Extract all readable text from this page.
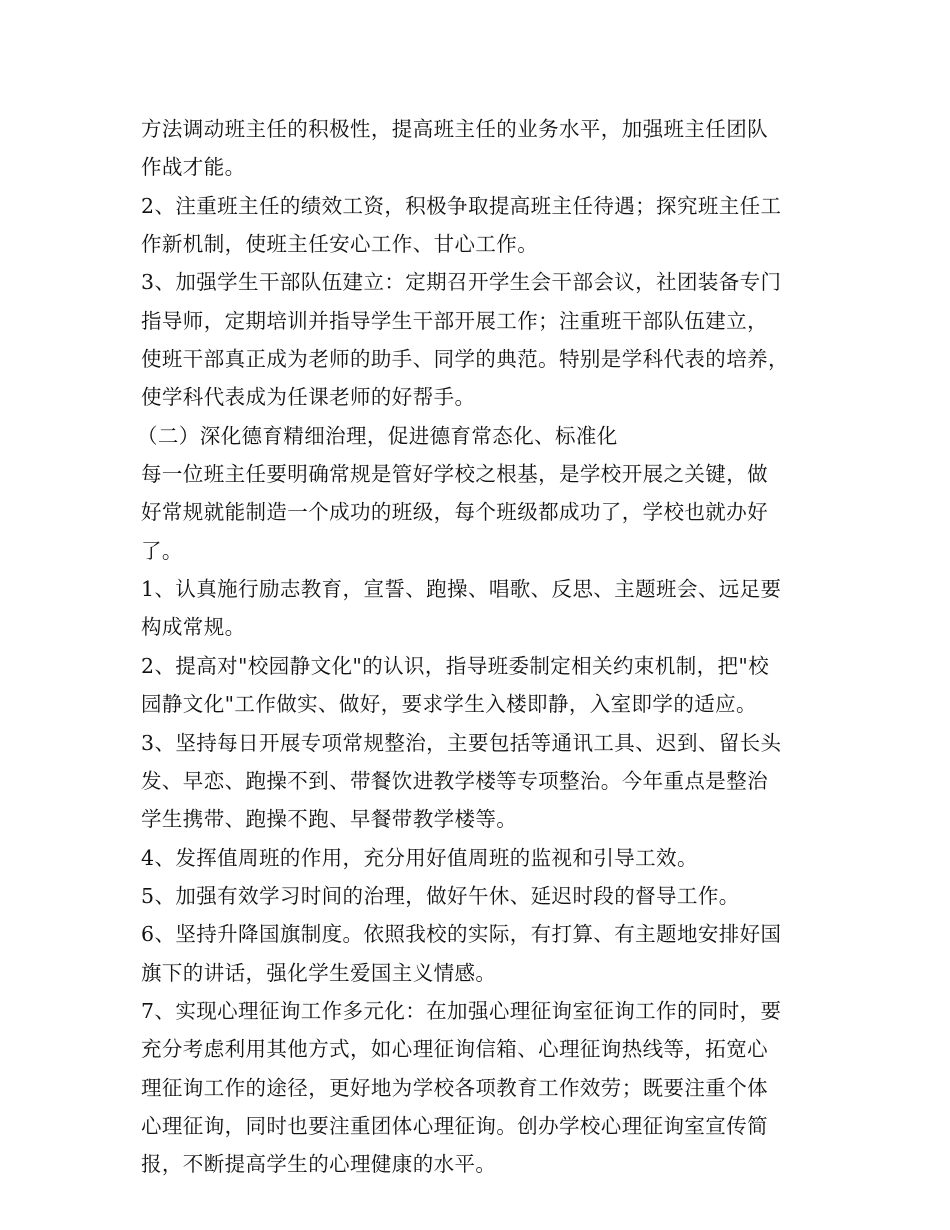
方法调动班主任的积极性，提高班主任的业务水平，加强班主任团队
作战才能。

2、注重班主任的绩效工资，积极争取提高班主任待遇；探究班主任工
作新机制，使班主任安心工作、甘心工作。

3、加强学生干部队伍建立：定期召开学生会干部会议，社团装备专门
指导师，定期培训并指导学生干部开展工作；注重班干部队伍建立，
使班干部真正成为老师的助手、同学的典范。特别是学科代表的培养，
使学科代表成为任课老师的好帮手。

（二）深化德育精细治理，促进德育常态化、标准化

每一位班主任要明确常规是管好学校之根基，是学校开展之关键，做
好常规就能制造一个成功的班级，每个班级都成功了，学校也就办好
了。

1、认真施行励志教育，宣誓、跑操、唱歌、反思、主题班会、远足要
构成常规。

2、提高对"校园静文化"的认识，指导班委制定相关约束机制，把"校
园静文化"工作做实、做好，要求学生入楼即静，入室即学的适应。

3、坚持每日开展专项常规整治，主要包括等通讯工具、迟到、留长头
发、早恋、跑操不到、带餐饮进教学楼等专项整治。今年重点是整治
学生携带、跑操不跑、早餐带教学楼等。

4、发挥值周班的作用，充分用好值周班的监视和引导工效。

5、加强有效学习时间的治理，做好午休、延迟时段的督导工作。

6、坚持升降国旗制度。依照我校的实际，有打算、有主题地安排好国
旗下的讲话，强化学生爱国主义情感。

7、实现心理征询工作多元化：在加强心理征询室征询工作的同时，要
充分考虑利用其他方式，如心理征询信箱、心理征询热线等，拓宽心
理征询工作的途径，更好地为学校各项教育工作效劳；既要注重个体
心理征询，同时也要注重团体心理征询。创办学校心理征询室宣传简
报，不断提高学生的心理健康的水平。
